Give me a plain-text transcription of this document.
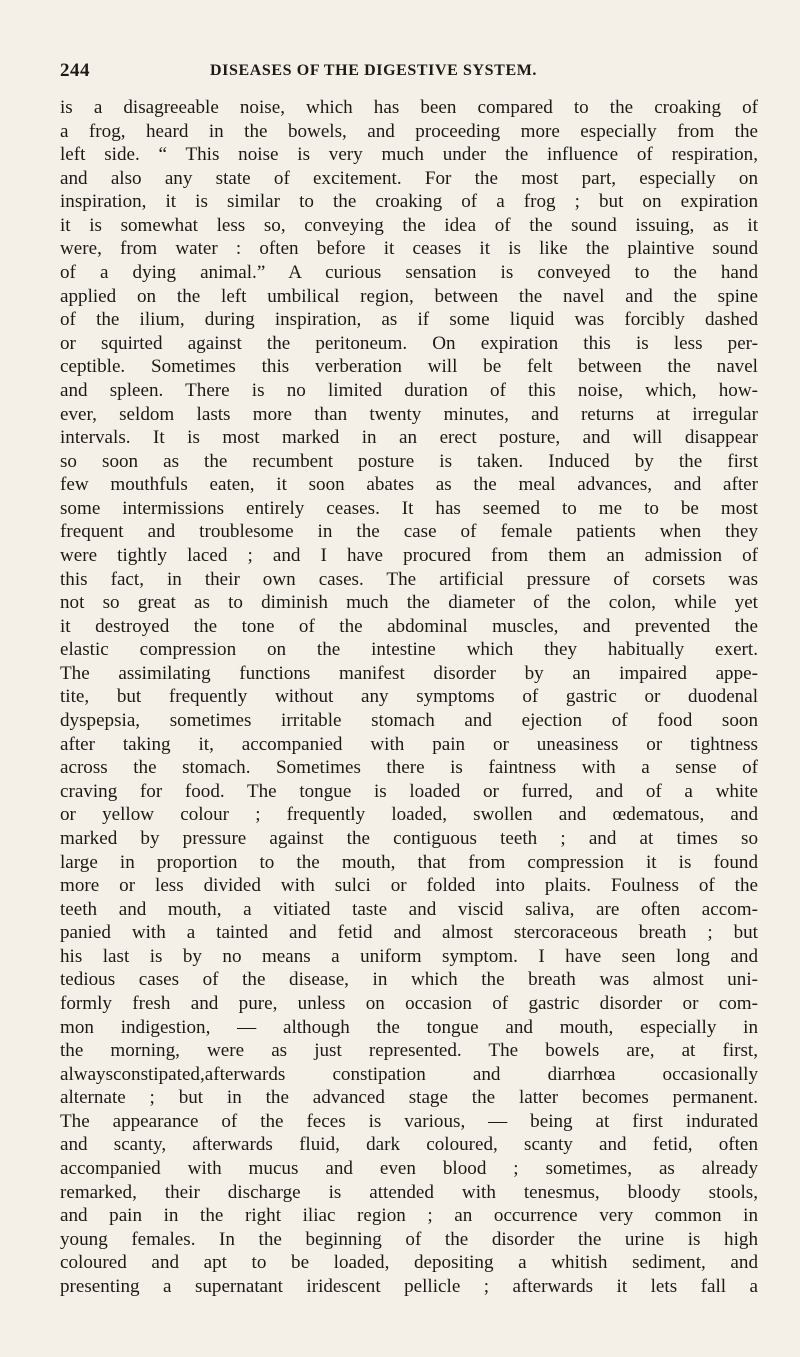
244	DISEASES OF THE DIGESTIVE SYSTEM.
is a disagreeable noise, which has been compared to the croaking of
a frog, heard in the bowels, and proceeding more especially from the
left side. “ This noise is very much under the influence of respiration,
and also any state of excitement. For the most part, especially on
inspiration, it is similar to the croaking of a frog ; but on expiration
it is somewhat less so, conveying the idea of the sound issuing, as it
were, from water : often before it ceases it is like the plaintive sound
of a dying animal.” A curious sensation is conveyed to the hand
applied on the left umbilical region, between the navel and the spine
of the ilium, during inspiration, as if some liquid was forcibly dashed
or squirted against the peritoneum. On expiration this is less per-
ceptible. Sometimes this verberation will be felt between the navel
and spleen. There is no limited duration of this noise, which, how-
ever, seldom lasts more than twenty minutes, and returns at irregular
intervals. It is most marked in an erect posture, and will disappear
so soon as the recumbent posture is taken. Induced by the first
few mouthfuls eaten, it soon abates as the meal advances, and after
some intermissions entirely ceases. It has seemed to me to be most
frequent and troublesome in the case of female patients when they
were tightly laced ; and I have procured from them an admission of
this fact, in their own cases. The artificial pressure of corsets was
not so great as to diminish much the diameter of the colon, while yet
it destroyed the tone of the abdominal muscles, and prevented the
elastic compression on the intestine which they habitually exert.
The assimilating functions manifest disorder by an impaired appe-
tite, but frequently without any symptoms of gastric or duodenal
dyspepsia, sometimes irritable stomach and ejection of food soon
after taking it, accompanied with pain or uneasiness or tightness
across the stomach. Sometimes there is faintness with a sense of
craving for food. The tongue is loaded or furred, and of a white
or yellow colour ; frequently loaded, swollen and œdematous, and
marked by pressure against the contiguous teeth ; and at times so
large in proportion to the mouth, that from compression it is found
more or less divided with sulci or folded into plaits. Foulness of the
teeth and mouth, a vitiated taste and viscid saliva, are often accom-
panied with a tainted and fetid and almost stercoraceous breath ; but
his last is by no means a uniform symptom. I have seen long and
tedious cases of the disease, in which the breath was almost uni-
formly fresh and pure, unless on occasion of gastric disorder or com-
mon indigestion, — although the tongue and mouth, especially in
the morning, were as just represented. The bowels are, at first,
alwaysconstipated,afterwards constipation and diarrhœa occasionally
alternate ; but in the advanced stage the latter becomes permanent.
The appearance of the feces is various, — being at first indurated
and scanty, afterwards fluid, dark coloured, scanty and fetid, often
accompanied with mucus and even blood ; sometimes, as already
remarked, their discharge is attended with tenesmus, bloody stools,
and pain in the right iliac region ; an occurrence very common in
young females. In the beginning of the disorder the urine is high
coloured and apt to be loaded, depositing a whitish sediment, and
presenting a supernatant iridescent pellicle ; afterwards it lets fall a
